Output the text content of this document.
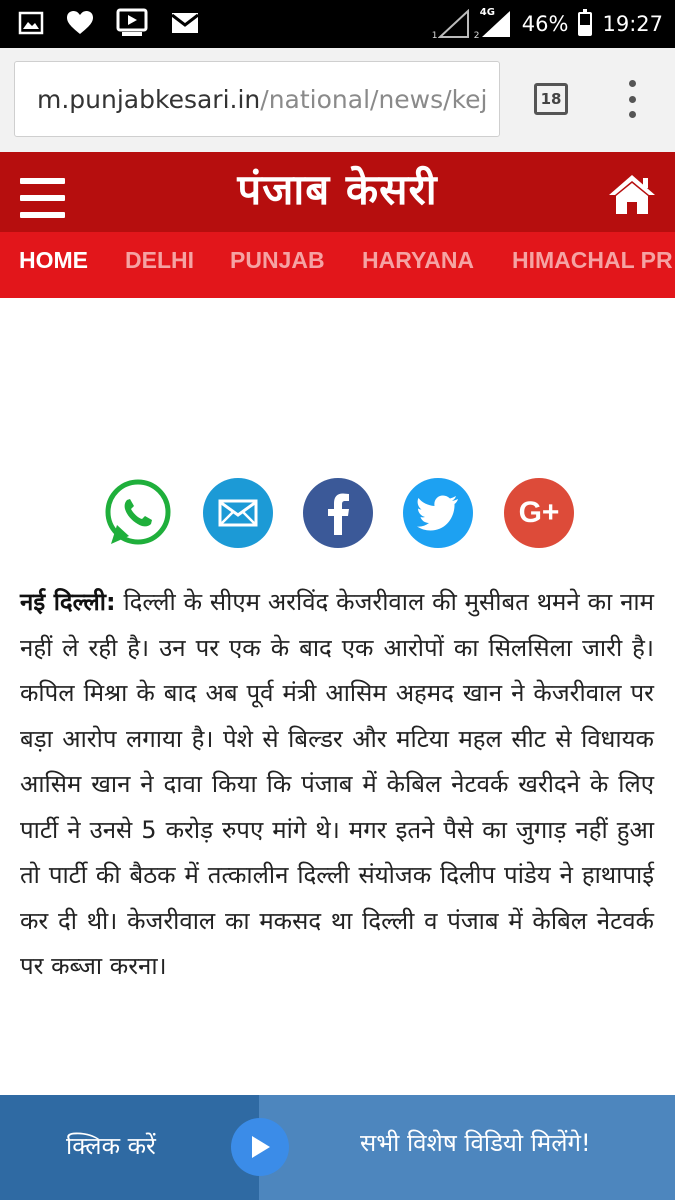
1
4G
2 46% 19:27
m.punjabkesari.in /national/news/kej	18
पंजाब केसरी
HOME DELHI PUNJAB HARYANA HIMACHAL PR
G+
नई दिल्ली: दिल्ली के सीएम अरविंद केजरीवाल की मुसीबत थमने का नाम नहीं ले रही है। उन पर एक के बाद एक आरोपों का सिलसिला जारी है। कपिल मिश्रा के बाद अब पूर्व मंत्री आसिम अहमद खान ने केजरीवाल पर बड़ा आरोप लगाया है। पेशे से बिल्डर और मटिया महल सीट से विधायक आसिम खान ने दावा किया कि पंजाब में केबिल नेटवर्क खरीदने के लिए पार्टी ने उनसे 5 करोड़ रुपए मांगे थे। मगर इतने पैसे का जुगाड़ नहीं हुआ तो पार्टी की बैठक में तत्कालीन दिल्ली संयोजक दिलीप पांडेय ने हाथापाई कर दी थी। केजरीवाल का मकसद था दिल्ली व पंजाब में केबिल नेटवर्क पर कब्जा करना।
क्लिक करें	सभी विशेष विडियो मिलेंगे!
